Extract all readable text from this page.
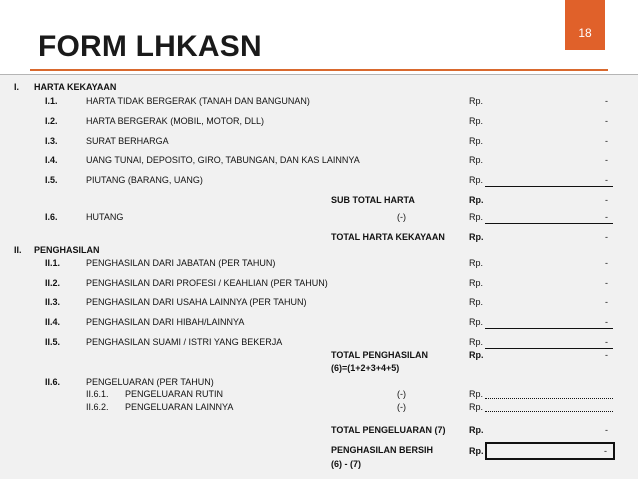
FORM LHKASN	18
I. HARTA KEKAYAAN
I.1.	HARTA TIDAK BERGERAK (TANAH DAN BANGUNAN)	Rp.	-
I.2.	HARTA BERGERAK (MOBIL, MOTOR, DLL)	Rp.	-
I.3.	SURAT BERHARGA	Rp.	-
I.4.	UANG TUNAI, DEPOSITO, GIRO, TABUNGAN, DAN KAS LAINNYA	Rp.	-
I.5.	PIUTANG (BARANG, UANG)	Rp.	-
SUB TOTAL HARTA	Rp.	-
I.6.	HUTANG	(-)	Rp.	-
TOTAL HARTA KEKAYAAN	Rp.	-
II. PENGHASILAN
II.1.	PENGHASILAN DARI JABATAN (PER TAHUN)	Rp.	-
II.2.	PENGHASILAN DARI PROFESI / KEAHLIAN (PER TAHUN)	Rp.	-
II.3.	PENGHASILAN DARI USAHA LAINNYA (PER TAHUN)	Rp.	-
II.4.	PENGHASILAN DARI HIBAH/LAINNYA	Rp.	-
II.5.	PENGHASILAN SUAMI / ISTRI YANG BEKERJA	Rp.	-
TOTAL PENGHASILAN
(6)=(1+2+3+4+5)
Rp.	-
II.6.	PENGELUARAN (PER TAHUN)
II.6.1. PENGELUARAN RUTIN	(-)	Rp.
II.6.2. PENGELUARAN LAINNYA	(-)	Rp.
TOTAL PENGELUARAN (7)	Rp.	-
PENGHASILAN BERSIH
(6) - (7)
Rp.	-
